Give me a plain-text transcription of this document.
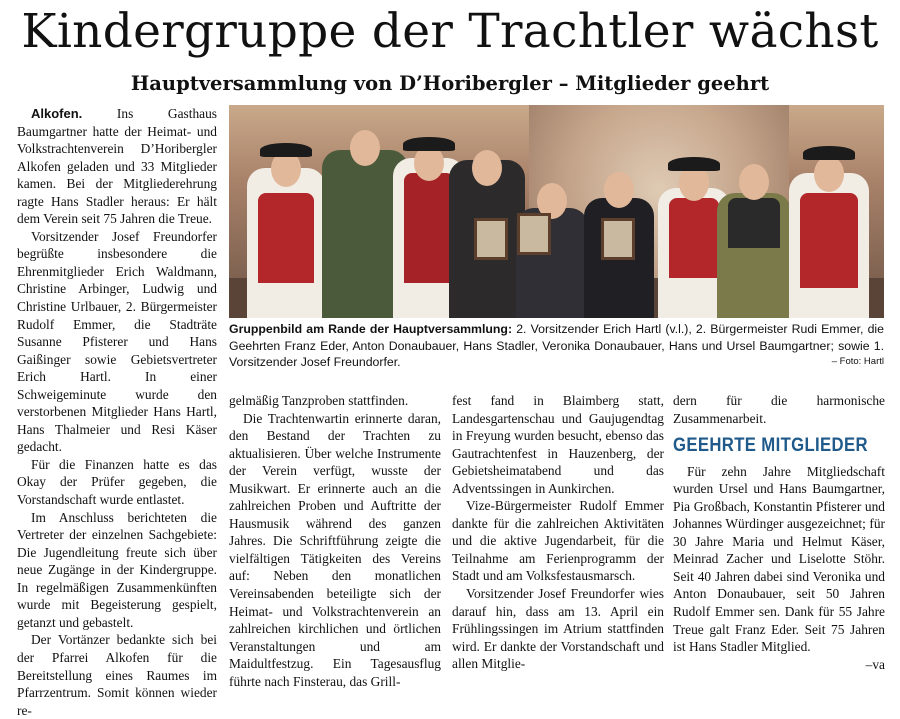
Kindergruppe der Trachtler wächst
Hauptversammlung von D’Horibergler – Mitglieder geehrt

Alkofen.	Ins Gasthaus Baumgartner hatte der Heimat- und Volkstrachtenverein D’Horibergler Alkofen geladen und 33 Mitglieder kamen. Bei der Mitgliederehrung ragte Hans Stadler heraus: Er hält dem Verein seit 75 Jahren die Treue.

Vorsitzender Josef Freundorfer begrüßte insbesondere die Ehrenmitglieder Erich Waldmann, Christine Arbinger, Ludwig und Christine Urlbauer, 2. Bürgermeister Rudolf Emmer, die Stadträte Susanne Pfisterer und Hans Gaißinger sowie Gebietsvertreter Erich Hartl. In einer Schweigeminute wurde den verstorbenen Mitglieder Hans Hartl, Hans Thalmeier und Resi Käser gedacht.

Für die Finanzen hatte es das Okay der Prüfer gegeben, die Vorstandschaft wurde entlastet.

Im Anschluss berichteten die Vertreter der einzelnen Sachgebiete: Die Jugendleitung freute sich über neue Zugänge in der Kindergruppe. In regelmäßigen Zusammenkünften wurde mit Begeisterung gespielt, getanzt und gebastelt.

Der Vortänzer bedankte sich bei der Pfarrei Alkofen für die Bereitstellung eines Raumes im Pfarrzentrum. Somit können wieder re-

Gruppenbild am Rande der Hauptversammlung: 2. Vorsitzender Erich Hartl (v.l.), 2. Bürgermeister Rudi Emmer, die Geehrten Franz Eder, Anton Donaubauer, Hans Stadler, Veronika Donaubauer, Hans und Ursel Baumgartner; sowie 1. Vorsitzender Josef Freundorfer.	– Foto: Hartl

gelmäßig Tanzproben stattfinden.

Die Trachtenwartin erinnerte daran, den Bestand der Trachten zu aktualisieren. Über welche Instrumente der Verein verfügt, wusste der Musikwart. Er erinnerte auch an die zahlreichen Proben und Auftritte der Hausmusik während des ganzen Jahres. Die Schriftführung zeigte die vielfältigen Tätigkeiten des Vereins auf: Neben den monatlichen Vereinsabenden beteiligte sich der Heimat- und Volkstrachtenverein an zahlreichen kirchlichen und örtlichen Veranstaltungen und am Maidultfestzug. Ein Tagesausflug führte nach Finsterau, das Grill-

fest fand in Blaimberg statt, Landesgartenschau und Gaujugendtag in Freyung wurden besucht, ebenso das Gautrachtenfest in Hauzenberg, der Gebietsheimatabend und das Adventssingen in Aunkirchen.

Vize-Bürgermeister Rudolf Emmer dankte für die zahlreichen Aktivitäten und die aktive Jugendarbeit, für die Teilnahme am Ferienprogramm der Stadt und am Volksfestausmarsch.

Vorsitzender Josef Freundorfer wies darauf hin, dass am 13. April ein Frühlingssingen im Atrium stattfinden wird. Er dankte der Vorstandschaft und allen Mitglie-

dern für die harmonische Zusammenarbeit.

GEEHRTE MITGLIEDER

Für zehn Jahre Mitgliedschaft wurden Ursel und Hans Baumgartner, Pia Großbach, Konstantin Pfisterer und Johannes Würdinger ausgezeichnet; für 30 Jahre Maria und Helmut Käser, Meinrad Zacher und Liselotte Stöhr. Seit 40 Jahren dabei sind Veronika und Anton Donaubauer, seit 50 Jahren Rudolf Emmer sen. Dank für 55 Jahre Treue galt Franz Eder. Seit 75 Jahren ist Hans Stadler Mitglied.

–va
